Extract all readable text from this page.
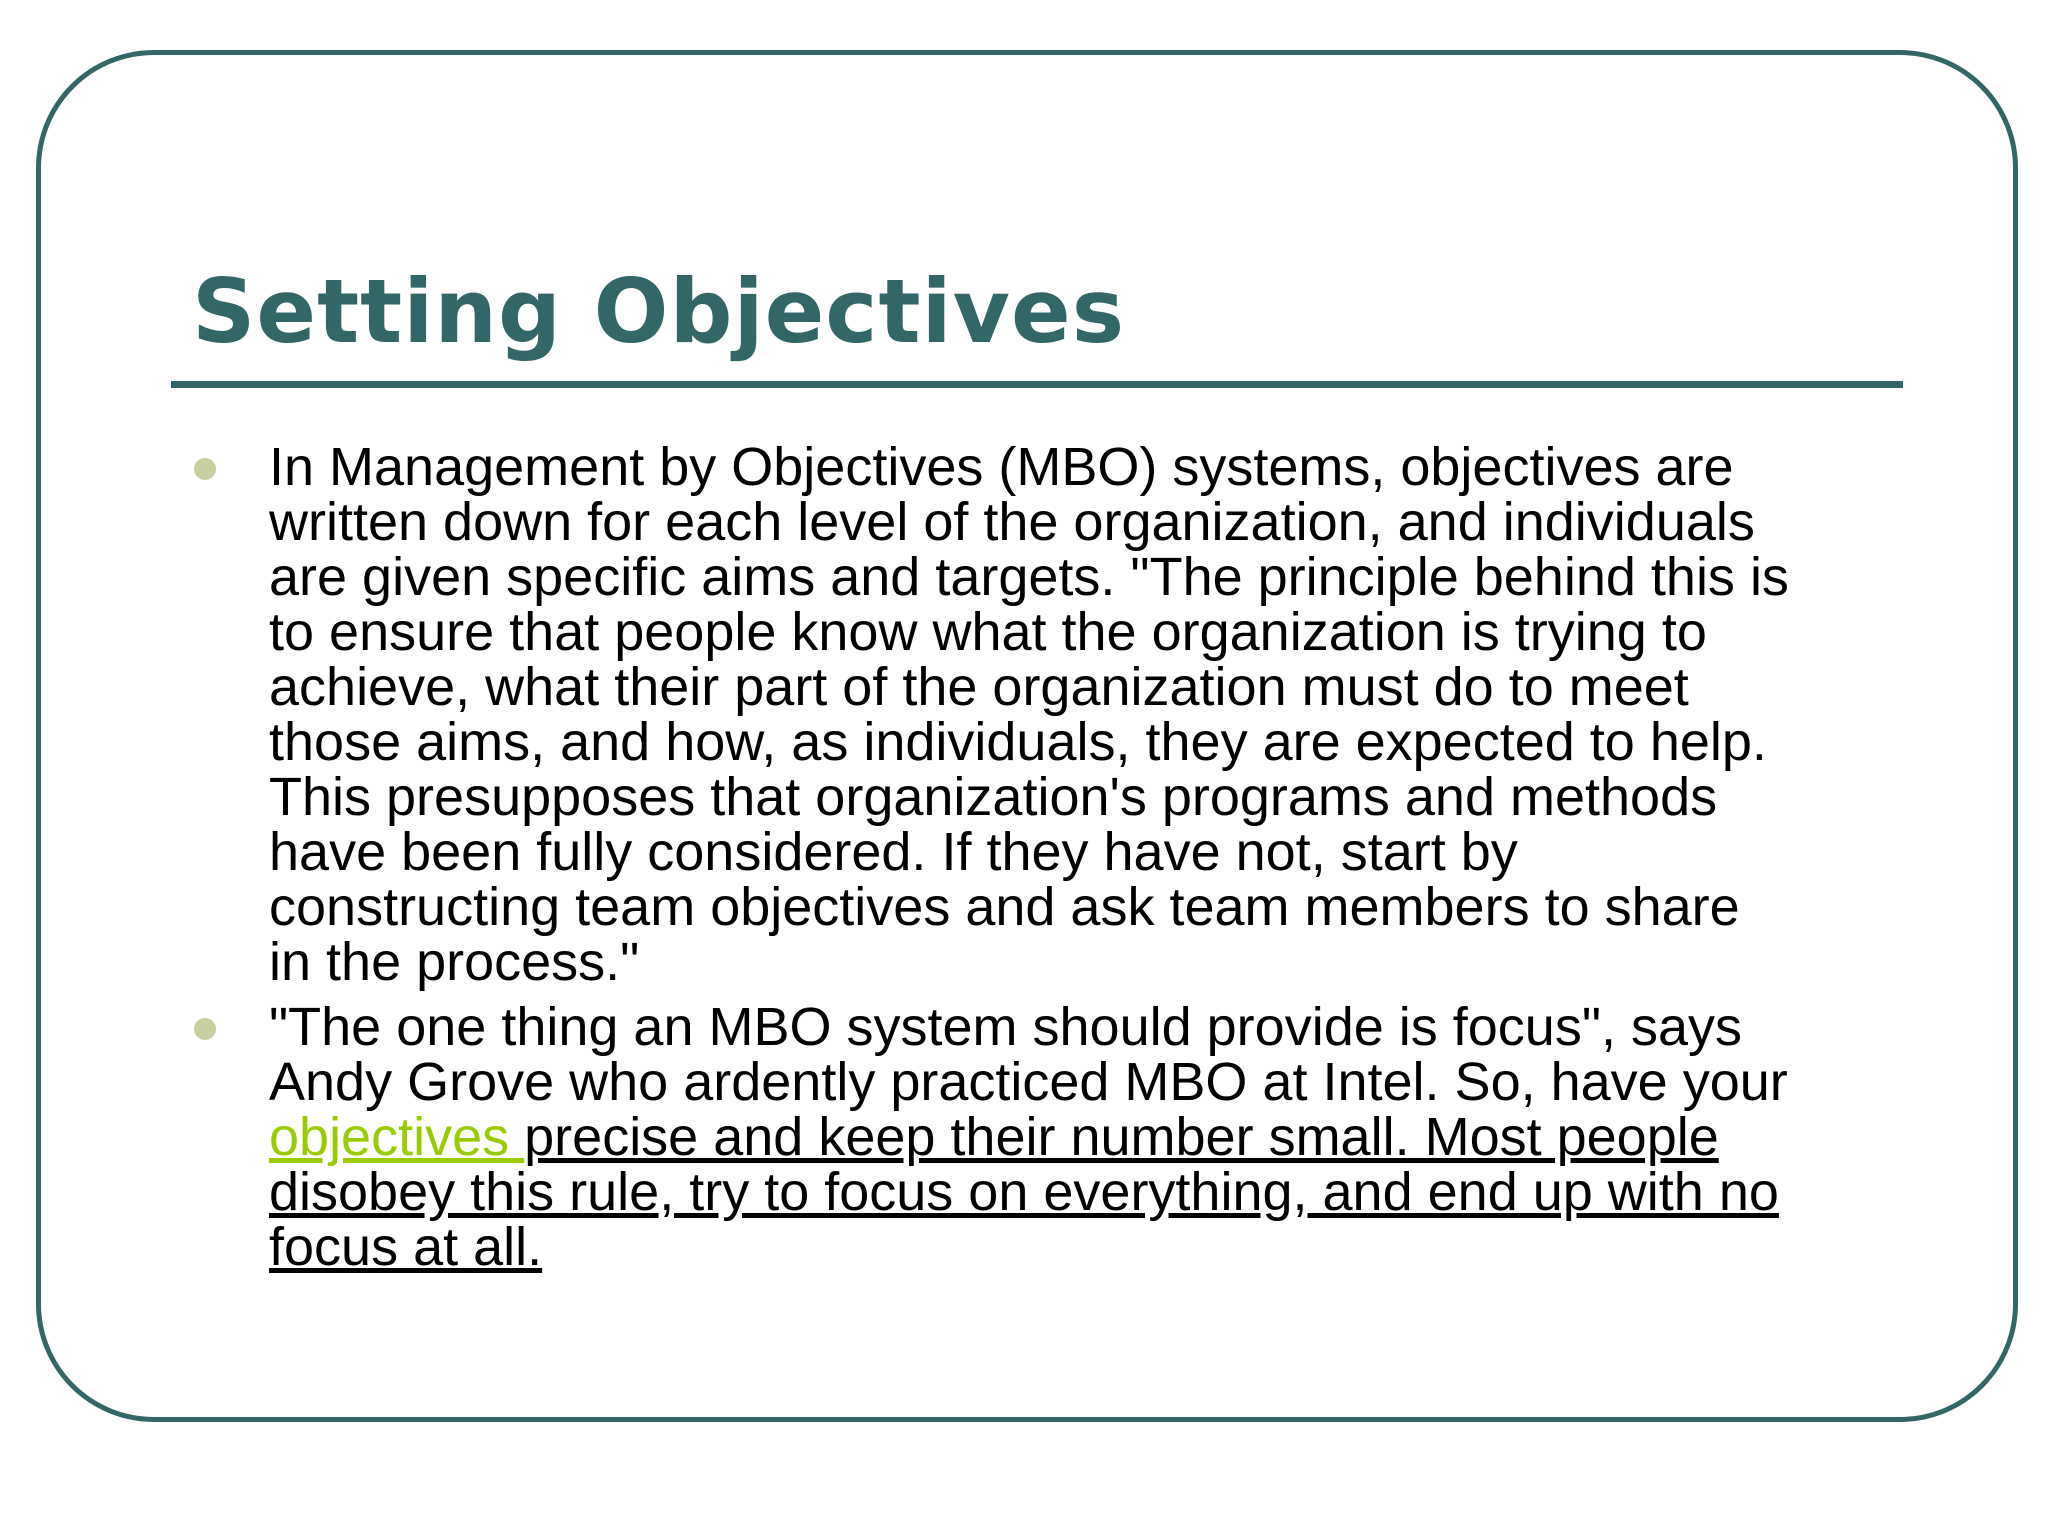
Setting Objectives

In Management by Objectives (MBO) systems, objectives are
written down for each level of the organization, and individuals
are given specific aims and targets. "The principle behind this is
to ensure that people know what the organization is trying to
achieve, what their part of the organization must do to meet
those aims, and how, as individuals, they are expected to help.
This presupposes that organization's programs and methods
have been fully considered. If they have not, start by
constructing team objectives and ask team members to share
in the process."

"The one thing an MBO system should provide is focus", says
Andy Grove who ardently practiced MBO at Intel. So, have your
objectives precise and keep their number small. Most people
disobey this rule, try to focus on everything, and end up with no
focus at all.
